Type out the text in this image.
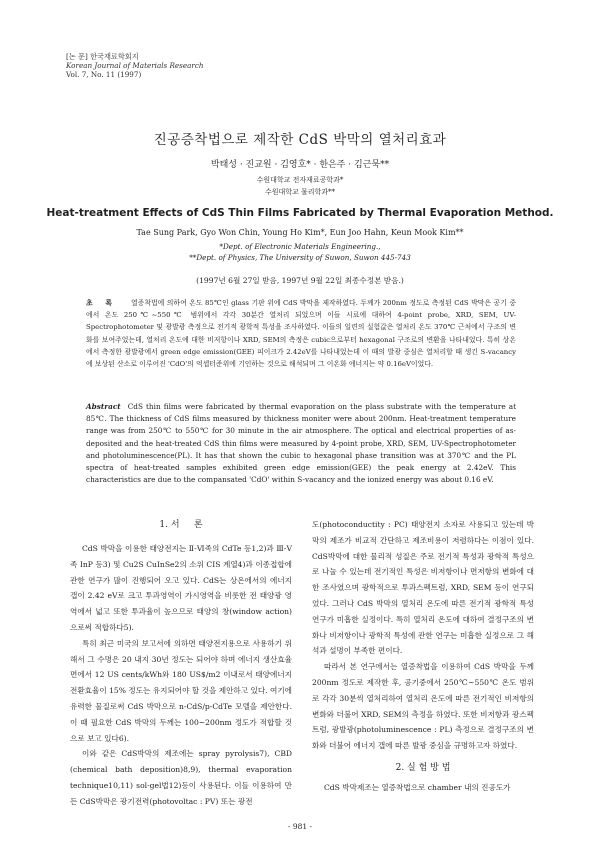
[논 문] 한국재료학회지
Korean Journal of Materials Research
Vol. 7, No. 11 (1997)
진공증착법으로 제작한 CdS 박막의 열처리효과
박태성 · 진교원 · 김영호* · 한은주 · 김근묵**
수원대학교 전자재료공학과*
수원대학교 물리학과**
Heat-treatment Effects of CdS Thin Films Fabricated by Thermal Evaporation Method.
Tae Sung Park, Gyo Won Chin, Young Ho Kim*, Eun Joo Hahn, Keun Mook Kim**
*Dept. of Electronic Materials Engineering.,
**Dept. of Physics, The University of Suwon, Suwon 445-743
(1997년 6월 27일 받음, 1997년 9월 22일 최종수정본 받음.)
초 록 열증착법에 의하여 온도 85℃인 glass 기판 위에 CdS 박막을 제작하였다. 두께가 200nm 정도로 측정된 CdS 박막은 공기 중에서 온도 250℃~550℃ 범위에서 각각 30분간 열처리 되었으며 이들 시료에 대하여 4-point probe, XRD, SEM, UV-Spectrophotometer 및 광발광 측정으로 전기적 광학적 특성을 조사하였다. 이들의 일련의 실험값은 열처리 온도 370℃ 근처에서 구조의 변화를 보여주었는데, 열처리 온도에 대한 비저항이나 XRD, SEM의 측정은 cubic으로부터 hexagonal 구조로의 변환을 나타내었다. 특히 상온에서 측정한 광발광에서 green edge emission(GEE) 피이크가 2.42eV를 나타내었는데 이 때의 발광 중심은 열처리할 때 생긴 S-vacancy에 보상된 산소로 이루어진 'CdO'의 억셉터준위에 기인하는 것으로 해석되며 그 이온화 에너지는 약 0.16eV이었다.
Abstract CdS thin films were fabricated by thermal evaporation on the plass substrate with the temperature at 85℃. The thickness of CdS films measured by thickness moniter were about 200nm. Heat-treatment temperature range was from 250℃ to 550℃ for 30 minute in the air atmosphere. The optical and electrical properties of as-deposited and the heat-treated CdS thin films were measured by 4-point probe, XRD, SEM, UV-Spectrophotometer and photoluminescence(PL). It has that shown the cubic to hexagonal phase transition was at 370℃ and the PL spectra of heat-treated samples exhibited green edge emission(GEE) the peak energy at 2.42eV. This characteristics are due to the compansated 'CdO' within S-vacancy and the ionized energy was about 0.16 eV.
1. 서     론

CdS 박막을 이용한 태양전지는 Ⅱ-Ⅵ족의 CdTe 등1,2)과 Ⅲ-Ⅴ족 InP 등3) 및 Cu2S CuInSe2의 소위 CIS 계열4)과 이종접합에 관한 연구가 많이 진행되어 오고 있다. CdS는 상온에서의 에너지 갭이 2.42 eV로 크고 투과영역이 가시영역을 비롯한 전 태양광 영역에서 넓고 또한 투과율이 높으므로 태양의 창(window action)으로써 적합하다5).

특히 최근 미국의 보고서에 의하면 태양전지용으로 사용하기 위해서 그 수명은 20 내지 30년 정도는 되어야 하며 에너지 생산효율면에서 12 US cents/kWh와 180 US$/m2 이내로서 태양에너지 전환효율이 15% 정도는 유지되어야 할 것을 제안하고 있다. 여기에 유력한 물질로써 CdS 박막으로 n-CdS/p-CdTe 모델을 제안한다. 이 때 필요한 CdS 박막의 두께는 100~200nm 정도가 적합할 것으로 보고 있다6).

이와 같은 CdS박막의 제조에는 spray pyrolysis7), CBD (chemical bath deposition)8,9), thermal evaporation technique10,11) sol-gel법12)등이 사용된다. 이들 이용하여 만든 CdS박막은 광기전력(photovoltac : PV) 또는 광전

도(photoconductity : PC) 태양전지 소자로 사용되고 있는데 박막의 제조가 비교적 간단하고 제조비용이 저렴하다는 이점이 있다. CdS박막에 대한 물리적 성질은 주로 전기적 특성과 광학적 특성으로 나눌 수 있는데 전기적인 특성은 비저항이나 면저항의 변화에 대한 조사였으며 광학적으로 투과스펙트럼, XRD, SEM 등이 연구되었다. 그러나 CdS 박막의 열처리 온도에 따른 전기적 광학적 특성 연구가 미흡한 실정이다. 특히 열처리 온도에 대하여 결정구조의 변화나 비저항이나 광학적 특성에 관한 연구는 미흡한 실정으로 그 해석과 설명이 부족한 편이다.

따라서 본 연구에서는 열증착법을 이용하여 CdS 박막을 두께 200nm 정도로 제작한 후, 공기중에서 250℃~550℃ 온도 범위로 각각 30분씩 열처리하여 열처리 온도에 따른 전기적인 비저항의 변화와 더불어 XRD, SEM의 측정을 하였다. 또한 비저항과 광스펙트럼, 광발광(photoluminescence : PL) 측정으로 결정구조의 변화와 더불어 에너지 갭에 따른 발광 중심을 규명하고자 하였다.

2. 실 험 방 법

CdS 박막제조는 열증착법으로 chamber 내의 진공도가

- 981 -
